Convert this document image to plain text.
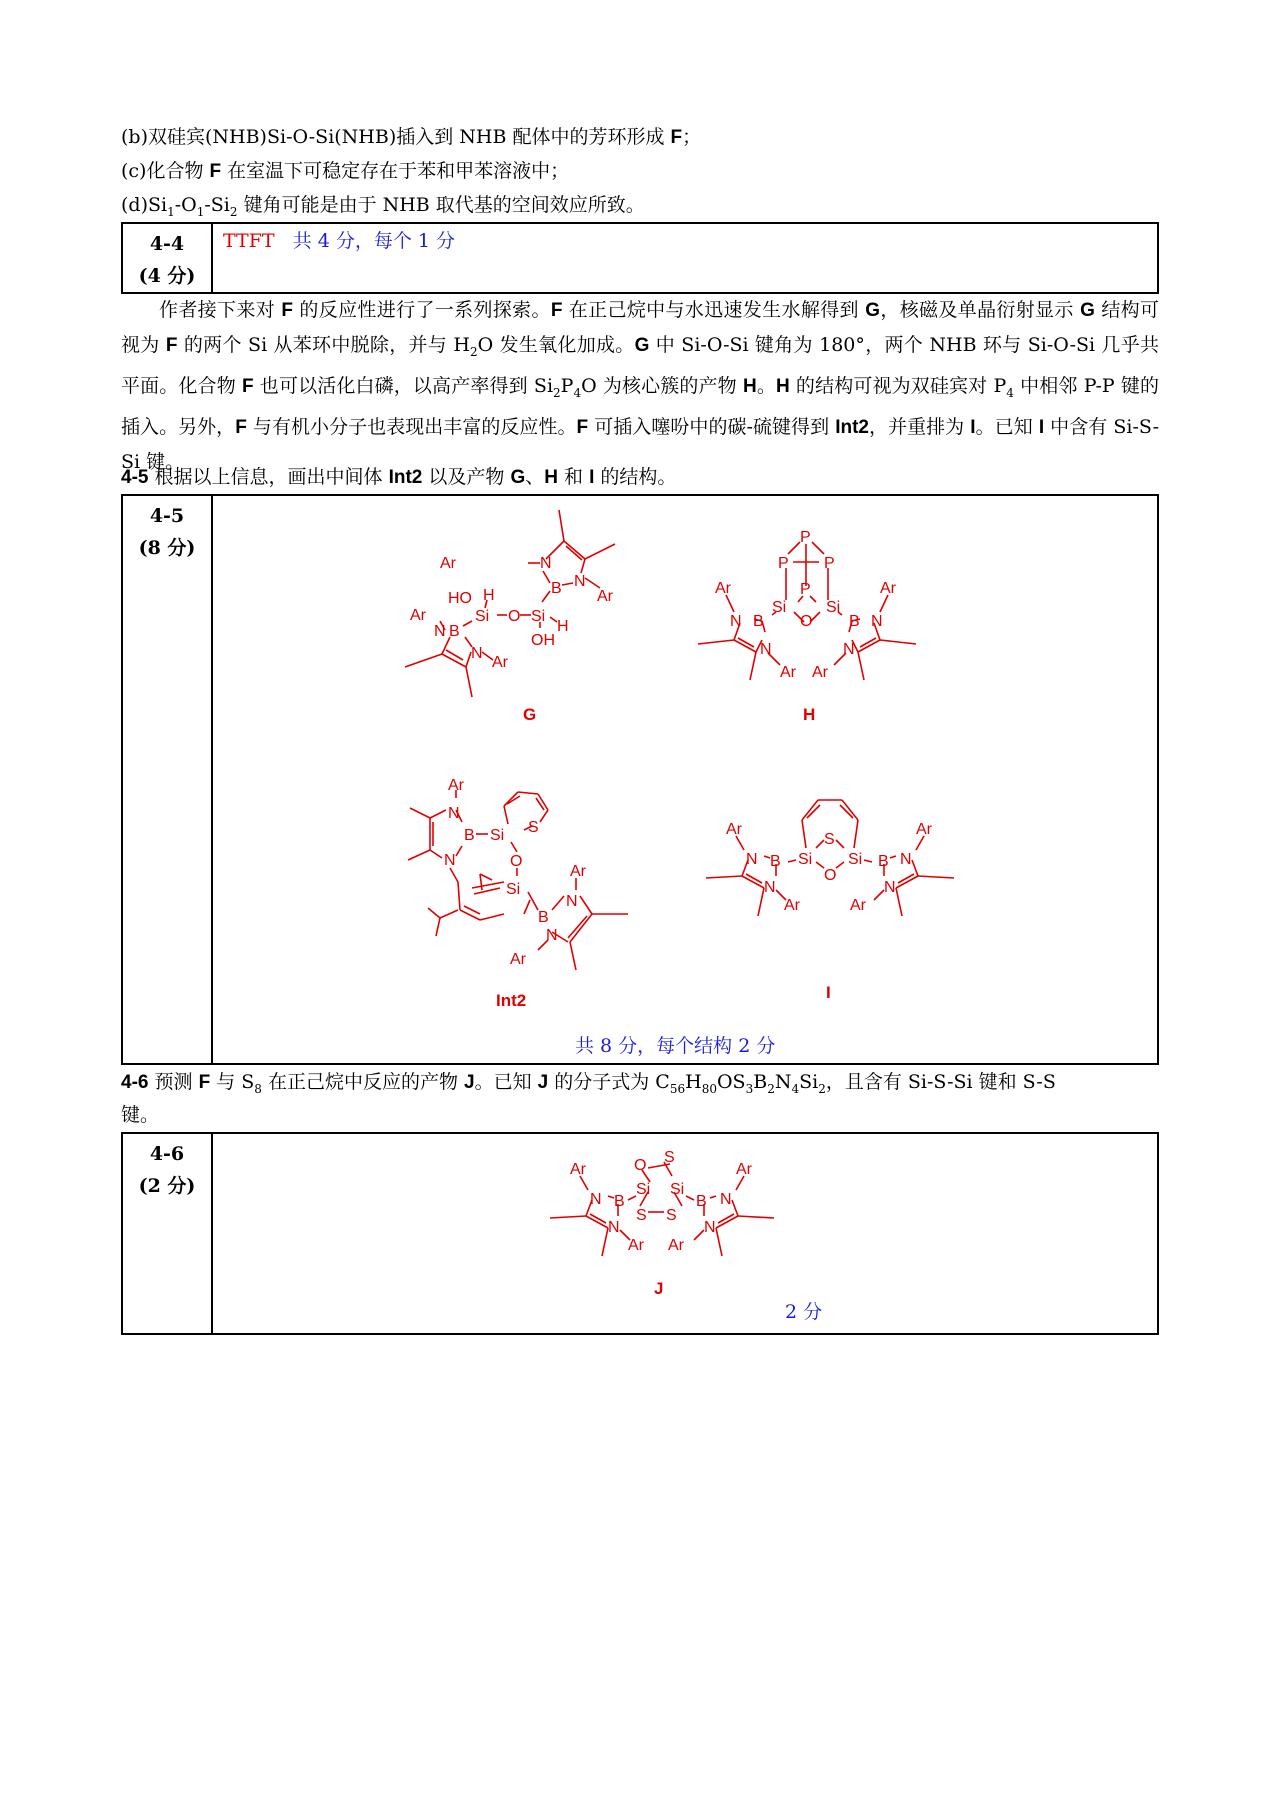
(b)双硅宾(NHB)Si-O-Si(NHB)插入到 NHB 配体中的芳环形成 F；
(c)化合物 F 在室温下可稳定存在于苯和甲苯溶液中；
$(d)Si_1-O_1-Si_2$ 键角可能是由于 NHB 取代基的空间效应所致。
4-4
(4 分)
	TTFT 共 4 分，每个 1 分

作者接下来对 F 的反应性进行了一系列探索。F 在正己烷中与水迅速发生水解得到 G，核磁及单晶衍射显示 G 结构可视为 F 的两个 Si 从苯环中脱除，并与 $H_2O$ 发生氧化加成。G 中 Si-O-Si 键角为 180°，两个 NHB 环与 Si-O-Si 几乎共平面。化合物 F 也可以活化白磷，以高产率得到 $Si_2P_4O$ 为核心簇的产物 H。H 的结构可视为双硅宾对 $P_4$ 中相邻 P-P 键的插入。另外，F 与有机小分子也表现出丰富的反应性。F 可插入噻吩中的碳-硫键得到 Int2，并重排为 I。已知 I 中含有 Si-S-Si 键。

4-5 根据以上信息，画出中间体 Int2 以及产物 G、H 和 I 的结构。
4-5
(8 分)

共 8 分，每个结构 2 分
Ar	N
B N
Ar
HO H
Si O Si
H
OH
Ar
N B
N
Ar
G
P
P P
P
Si
O
Si
Ar
N B
N
Ar
Ar
N
B
N
Ar
H
Ar
N
B Si S
N	O
Si
B
Ar
N
N
Ar
Int2
S
Si Si
O
Ar
N B
N
Ar
Ar
N
B
N
Ar
I
4-6 预测 F 与 $S_8$ 在正己烷中反应的产物 J。已知 J 的分子式为 $C_{56}H_{80}OS_3B_2N_4Si_2$，且含有 Si-S-Si 键和 S-S
键。
4-6
(2 分)

2 分
O S
Si Si
S S
Ar
N B
N
Ar
Ar
N
B
N
Ar
J
